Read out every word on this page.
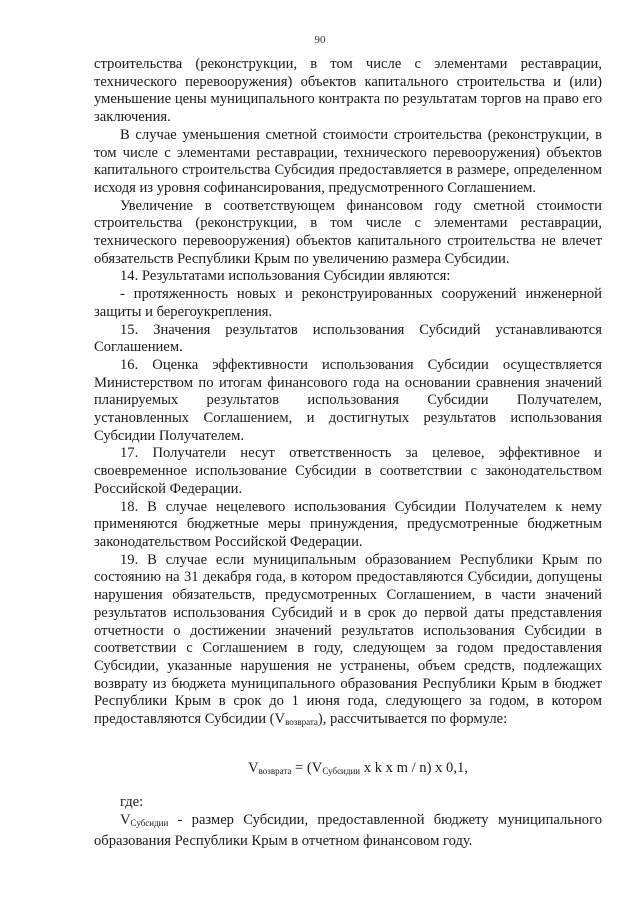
90

строительства (реконструкции, в том числе с элементами реставрации, технического перевооружения) объектов капитального строительства и (или) уменьшение цены муниципального контракта по результатам торгов на право его заключения.

В случае уменьшения сметной стоимости строительства (реконструкции, в том числе с элементами реставрации, технического перевооружения) объектов капитального строительства Субсидия предоставляется в размере, определенном исходя из уровня софинансирования, предусмотренного Соглашением.

Увеличение в соответствующем финансовом году сметной стоимости строительства (реконструкции, в том числе с элементами реставрации, технического перевооружения) объектов капитального строительства не влечет обязательств Республики Крым по увеличению размера Субсидии.

14. Результатами использования Субсидии являются:

- протяженность новых и реконструированных сооружений инженерной защиты и берегоукрепления.

15. Значения результатов использования Субсидий устанавливаются Соглашением.

16. Оценка эффективности использования Субсидии осуществляется Министерством по итогам финансового года на основании сравнения значений планируемых результатов использования Субсидии Получателем, установленных Соглашением, и достигнутых результатов использования Субсидии Получателем.

17. Получатели несут ответственность за целевое, эффективное и своевременное использование Субсидии в соответствии с законодательством Российской Федерации.

18. В случае нецелевого использования Субсидии Получателем к нему применяются бюджетные меры принуждения, предусмотренные бюджетным законодательством Российской Федерации.

19. В случае если муниципальным образованием Республики Крым по состоянию на 31 декабря года, в котором предоставляются Субсидии, допущены нарушения обязательств, предусмотренных Соглашением, в части значений результатов использования Субсидий и в срок до первой даты представления отчетности о достижении значений результатов использования Субсидии в соответствии с Соглашением в году, следующем за годом предоставления Субсидии, указанные нарушения не устранены, объем средств, подлежащих возврату из бюджета муниципального образования Республики Крым в бюджет Республики Крым в срок до 1 июня года, следующего за годом, в котором предоставляются Субсидии $(V_{возврата})$, рассчитывается по формуле:

$V_{возврата} = (V_{Субсидии}$ x k x m / n) x 0,1,

где:

$V_{Субсидии}$ - размер Субсидии, предоставленной бюджету муниципального образования Республики Крым в отчетном финансовом году.
